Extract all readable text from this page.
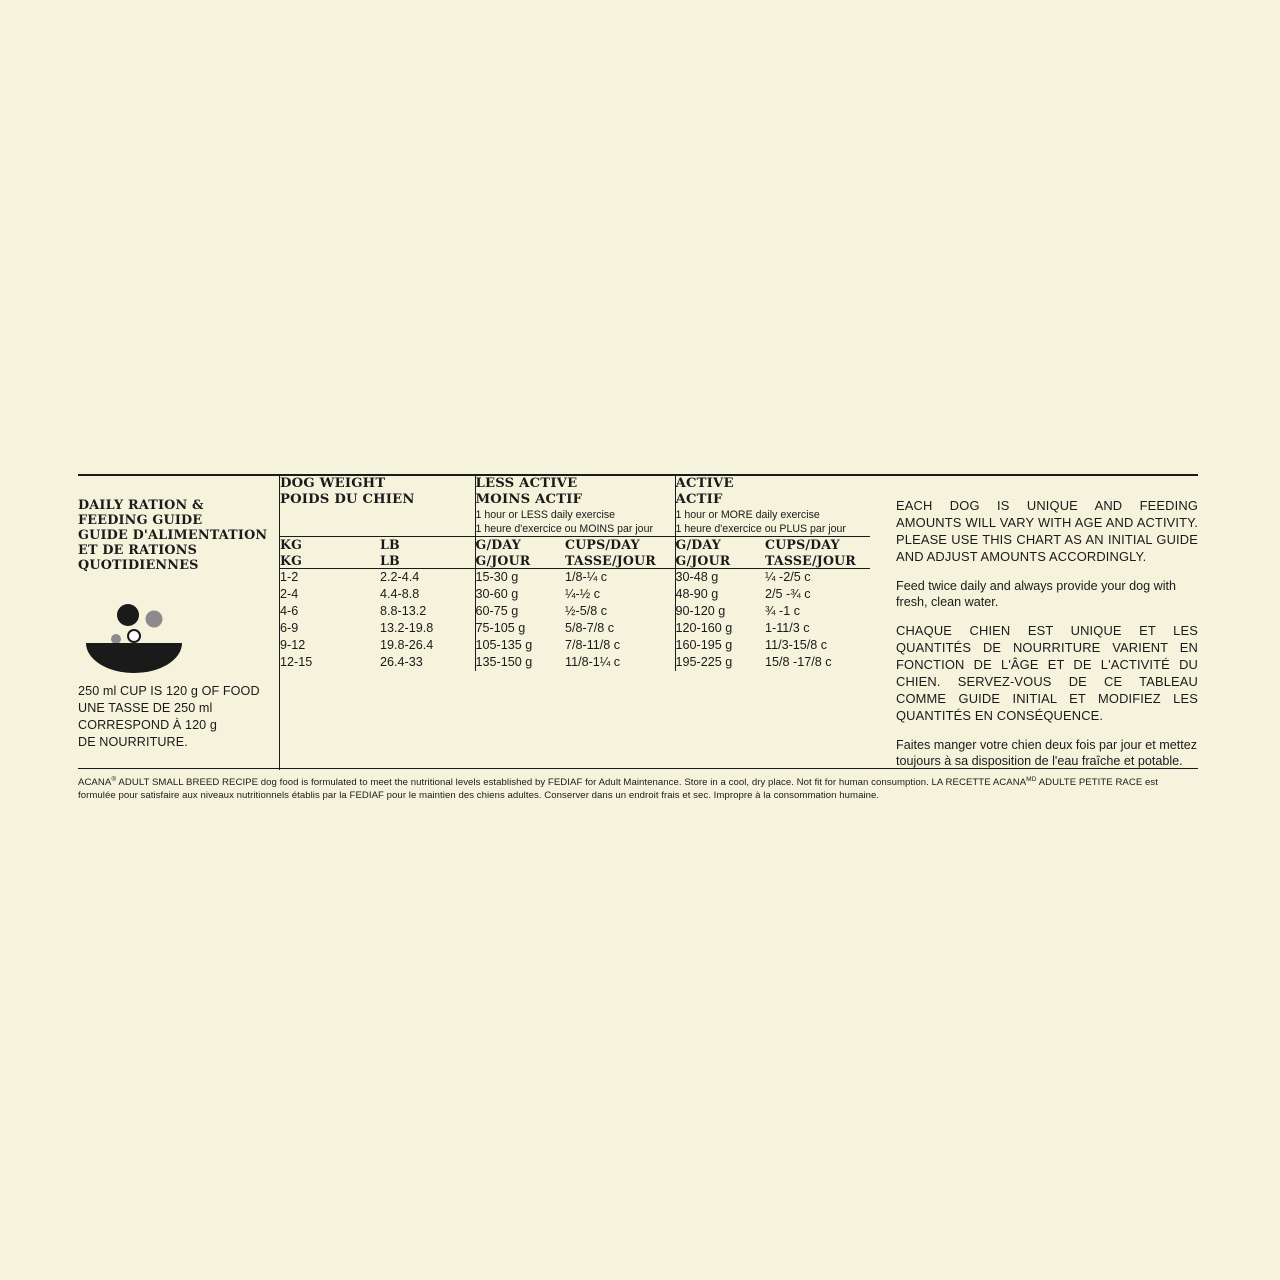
DAILY RATION &
FEEDING GUIDE
GUIDE D'ALIMENTATION
ET DE RATIONS
QUOTIDIENNES
250 ml CUP IS 120 g OF FOOD
UNE TASSE DE 250 ml
CORRESPOND À 120 g
DE NOURRITURE.
DOG WEIGHT
POIDS DU CHIEN

LESS ACTIVE
MOINS ACTIF

ACTIVE
ACTIF

1 hour or LESS daily exercise
1 heure d'exercice ou MOINS par jour

1 hour or MORE daily exercise
1 heure d'exercice ou PLUS par jour

KG
KG

LB
LB

G/DAY
G/JOUR

CUPS/DAY
TASSE/JOUR

G/DAY
G/JOUR

CUPS/DAY
TASSE/JOUR

1-2	2.2-4.4	15-30 g	1/8-¼ c	30-48 g	¼ -2/5 c
2-4	4.4-8.8	30-60 g	¼-½ c	48-90 g	2/5 -¾ c
4-6	8.8-13.2	60-75 g	½-5/8 c	90-120 g	¾ -1 c
6-9	13.2-19.8	75-105 g	5/8-7/8 c	120-160 g	1-11/3 c
9-12	19.8-26.4	105-135 g	7/8-11/8 c	160-195 g	11/3-15/8 c
12-15	26.4-33	135-150 g	11/8-1¼ c	195-225 g	15/8 -17/8 c

EACH DOG IS UNIQUE AND FEEDING AMOUNTS WILL VARY WITH AGE AND ACTIVITY. PLEASE USE THIS CHART AS AN INITIAL GUIDE AND ADJUST AMOUNTS ACCORDINGLY.

Feed twice daily and always provide your dog with fresh, clean water.

CHAQUE CHIEN EST UNIQUE ET LES QUANTITÉS DE NOURRITURE VARIENT EN FONCTION DE L'ÂGE ET DE L'ACTIVITÉ DU CHIEN. SERVEZ-VOUS DE CE TABLEAU COMME GUIDE INITIAL ET MODIFIEZ LES QUANTITÉS EN CONSÉQUENCE.

Faites manger votre chien deux fois par jour et mettez toujours à sa disposition de l'eau fraîche et potable.

ACANA® ADULT SMALL BREED RECIPE dog food is formulated to meet the nutritional levels established by FEDIAF for Adult Maintenance. Store in a cool, dry place. Not fit for human consumption. LA RECETTE $ACANA^{MD}$ ADULTE PETITE RACE est
formulée pour satisfaire aux niveaux nutritionnels établis par la FEDIAF pour le maintien des chiens adultes. Conserver dans un endroit frais et sec. Impropre à la consommation humaine.
